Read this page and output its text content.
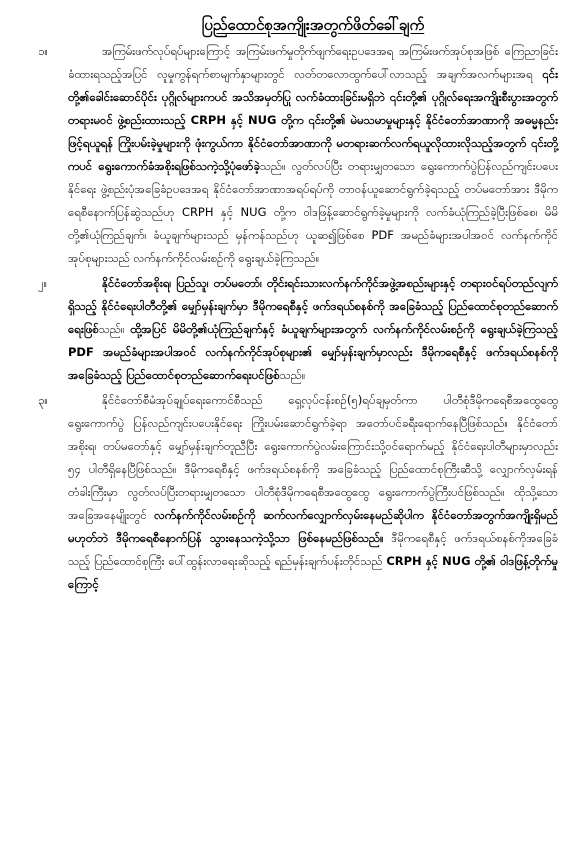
ပြည်ထောင်စုအကျိုးအတွက်ဖိတ်ခေါ်ချက်
၁။	အကြမ်းဖက်လုပ်ရပ်များကြောင့် အကြမ်းဖက်မှုတိုက်ဖျက်ရေးဥပဒေအရ အကြမ်းဖက်အုပ်စုအဖြစ် ကြေညာခြင်းခံထားရသည့်အပြင် လူမှုကွန်ရက်စာမျက်နှာများတွင် လတ်တလောထွက်ပေါ်လာသည့် အချက်အလက်များအရ ၎င်းတို့၏ခေါင်းဆောင်ပိုင်း ပုဂ္ဂိုလ်များကပင် အသိအမှတ်ပြု လက်ခံထားခြင်းမရှိဘဲ ၎င်းတို့၏ ပုဂ္ဂိုလ်ရေးအကျိုးစီးပွားအတွက် တရားမဝင် ဖွဲ့စည်းထားသည့် CRPH နှင့် NUG တို့က ၎င်းတို့၏ မဲမသမာမှုများနှင့် နိုင်ငံတော်အာဏာကို အဓမ္မနည်းဖြင့်ရယူရန် ကြိုးပမ်းခဲ့မှုများကို ဖုံးကွယ်ကာ နိုင်ငံတော်အာဏာကို မတရားဆက်လက်ရယူလိုထားလိုသည့်အတွက် ၎င်းတို့ကပင် ရွေးကောက်ခံအစိုးရဖြစ်သကဲ့သို့ပုံဖော်ခဲ့သည်။ လွတ်လပ်ပြီး တရားမျှတသော ရွေးကောက်ပွဲပြန်လည်ကျင်းပပေးနိုင်ရေး ဖွဲ့စည်းပုံအခြေခံဥပဒေအရ နိုင်ငံတော်အာဏာအရပ်ရပ်ကို တာဝန်ယူဆောင်ရွက်ခဲ့ရသည့် တပ်မတော်အား ဒီမိုကရေစီနောက်ပြန်ဆွဲသည်ဟု CRPH နှင့် NUG တို့က ဝါဒဖြန့်ဆောင်ရွက်ခဲ့မှုများကို လက်ခံယုံကြည်ခဲ့ပြီးဖြစ်စေ၊ မိမိတို့၏ယုံကြည်ချက်၊ ခံယူချက်များသည် မှန်ကန်သည်ဟု ယူဆ၍ဖြစ်စေ PDF အမည်ခံများအပါအဝင် လက်နက်ကိုင်အုပ်စုများသည် လက်နက်ကိုင်လမ်းစဉ်ကို ရွေးချယ်ခဲ့ကြသည်။
၂။	နိုင်ငံတော်အစိုးရ၊ ပြည်သူ၊ တပ်မတော်၊ တိုင်းရင်းသားလက်နက်ကိုင်အဖွဲ့အစည်းများနှင့် တရားဝင်ရပ်တည်လျက်ရှိသည့် နိုင်ငံရေးပါတီတို့၏ မျှော်မှန်းချက်မှာ ဒီမိုကရေစီနှင့် ဖက်ဒရယ်စနစ်ကို အခြေခံသည့် ပြည်ထောင်စုတည်ဆောက်ရေးဖြစ်သည်။ ထို့အပြင် မိမိတို့၏ယုံကြည်ချက်နှင့် ခံယူချက်များအတွက် လက်နက်ကိုင်လမ်းစဉ်ကို ရွေးချယ်ခဲ့ကြသည့် PDF အမည်ခံများအပါအဝင် လက်နက်ကိုင်အုပ်စုများ၏ မျှော်မှန်းချက်မှာလည်း ဒီမိုကရေစီနှင့် ဖက်ဒရယ်စနစ်ကို အခြေခံသည့် ပြည်ထောင်စုတည်ဆောက်ရေးပင်ဖြစ်သည်။
၃။	နိုင်ငံတော်စီမံအုပ်ချုပ်ရေးကောင်စီသည် ရှေ့လုပ်ငန်းစဉ်(၅)ရပ်ချမှတ်ကာ ပါတီစုံဒီမိုကရေစီအထွေထွေ ရွေးကောက်ပွဲ ပြန်လည်ကျင်းပပေးနိုင်ရေး ကြိုးပမ်းဆောင်ရွက်ခဲ့ရာ အတော်ပင်ခရီးရောက်နေပြီဖြစ်သည်။ နိုင်ငံတော်အစိုးရ၊ တပ်မတော်နှင့် မျှော်မှန်းချက်တူညီပြီး ရွေးကောက်ပွဲလမ်းကြောင်းသို့ဝင်ရောက်မည့် နိုင်ငံရေးပါတီများမှာလည်း ၅၄ ပါတီရှိနေပြီဖြစ်သည်။ ဒီမိုကရေစီနှင့် ဖက်ဒရယ်စနစ်ကို အခြေခံသည့် ပြည်ထောင်စုကြီးဆီသို့ လျှောက်လှမ်းရန် တံခါးကြီးမှာ လွတ်လပ်ပြီးတရားမျှတသော ပါတီစုံဒီမိုကရေစီအထွေထွေ ရွေးကောက်ပွဲကြီးပင်ဖြစ်သည်။ ထိုသို့သောအခြေအနေမျိုးတွင် လက်နက်ကိုင်လမ်းစဉ်ကို ဆက်လက်လျှောက်လှမ်းနေမည်ဆိုပါက နိုင်ငံတော်အတွက်အကျိုးရှိမည်မဟုတ်ဘဲ ဒီမိုကရေစီနောက်ပြန် သွားနေသကဲ့သို့သာ ဖြစ်နေမည်ဖြစ်သည်။ ဒီမိုကရေစီနှင့် ဖက်ဒရယ်စနစ်ကိုအခြေခံသည့် ပြည်ထောင်စုကြီး ပေါ်ထွန်းလာရေးဆိုသည့် ရည်မှန်းချက်ပန်းတိုင်သည် CRPH နှင့် NUG တို့၏ ဝါဒဖြန့်တိုက်မှုကြောင့်
